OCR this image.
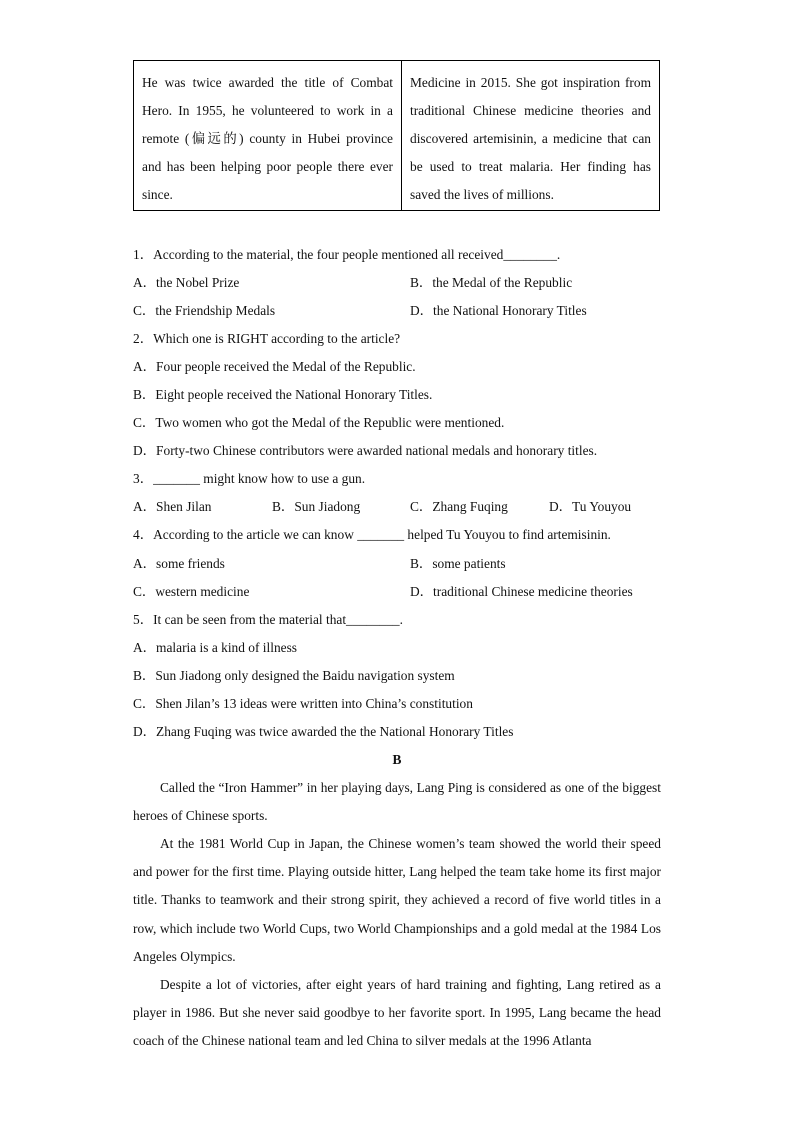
He was twice awarded the title of Combat Hero. In 1955, he volunteered to work in a remote (偏远的) county in Hubei province and has been helping poor people there ever since.
Medicine in 2015. She got inspiration from traditional Chinese medicine theories and discovered artemisinin, a medicine that can be used to treat malaria. Her finding has saved the lives of millions.
1．According to the material, the four people mentioned all received________.
A．the Nobel Prize	B．the Medal of the Republic
C．the Friendship Medals	D．the National Honorary Titles
2．Which one is RIGHT according to the article?
A．Four people received the Medal of the Republic.
B．Eight people received the National Honorary Titles.
C．Two women who got the Medal of the Republic were mentioned.
D．Forty-two Chinese contributors were awarded national medals and honorary titles.
3．_______ might know how to use a gun.
A．Shen Jilan	B．Sun Jiadong	C．Zhang Fuqing	D．Tu Youyou
4．According to the article we can know _______ helped Tu Youyou to find artemisinin.
A．some friends	B．some patients
C．western medicine	D．traditional Chinese medicine theories
5．It can be seen from the material that________.
A．malaria is a kind of illness
B．Sun Jiadong only designed the Baidu navigation system
C．Shen Jilan’s 13 ideas were written into China’s constitution
D．Zhang Fuqing was twice awarded the the National Honorary Titles
B
Called the “Iron Hammer” in her playing days, Lang Ping is considered as one of the biggest heroes of Chinese sports.
At the 1981 World Cup in Japan, the Chinese women’s team showed the world their speed and power for the first time. Playing outside hitter, Lang helped the team take home its first major title. Thanks to teamwork and their strong spirit, they achieved a record of five world titles in a row, which include two World Cups, two World Championships and a gold medal at the 1984 Los Angeles Olympics.
Despite a lot of victories, after eight years of hard training and fighting, Lang retired as a player in 1986. But she never said goodbye to her favorite sport. In 1995, Lang became the head coach of the Chinese national team and led China to silver medals at the 1996 Atlanta
